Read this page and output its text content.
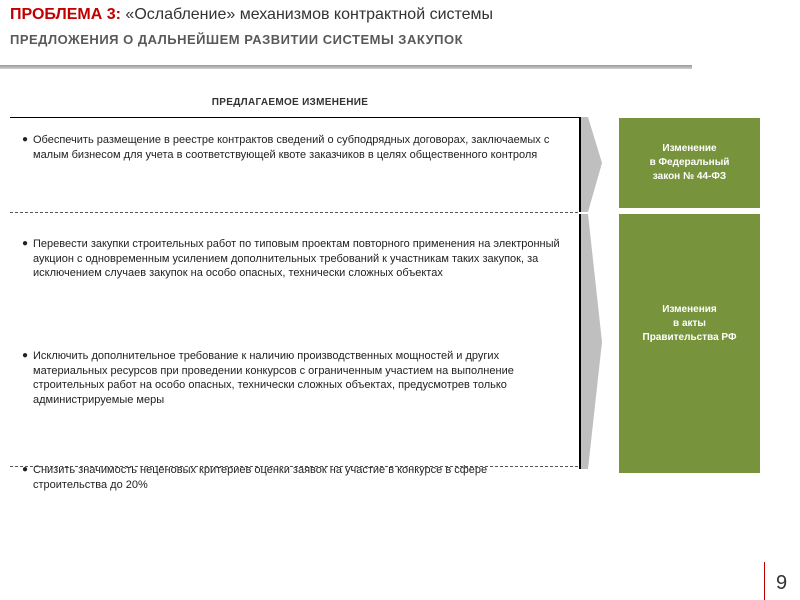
ПРОБЛЕМА 3: «Ослабление» механизмов контрактной системы
ПРЕДЛОЖЕНИЯ О ДАЛЬНЕЙШЕМ РАЗВИТИИ СИСТЕМЫ ЗАКУПОК
ПРЕДЛАГАЕМОЕ ИЗМЕНЕНИЕ
● Обеспечить размещение в реестре контрактов сведений о субподрядных договорах, заключаемых с малым бизнесом для учета в соответствующей квоте заказчиков в целях общественного контроля
● Перевести закупки строительных работ по типовым проектам повторного применения на электронный аукцион с одновременным усилением дополнительных требований к участникам таких закупок, за исключением случаев закупок на особо опасных, технически сложных объектах
● Исключить дополнительное требование к наличию производственных мощностей и других материальных ресурсов при проведении конкурсов с ограниченным участием на выполнение строительных работ на особо опасных, технически сложных объектах, предусмотрев только администрируемые меры
● Снизить значимость неценовых критериев оценки заявок на участие в конкурсе в сфере строительства до 20%
Изменение
в Федеральный
закон № 44-ФЗ
Изменения
в акты
Правительства РФ
9
